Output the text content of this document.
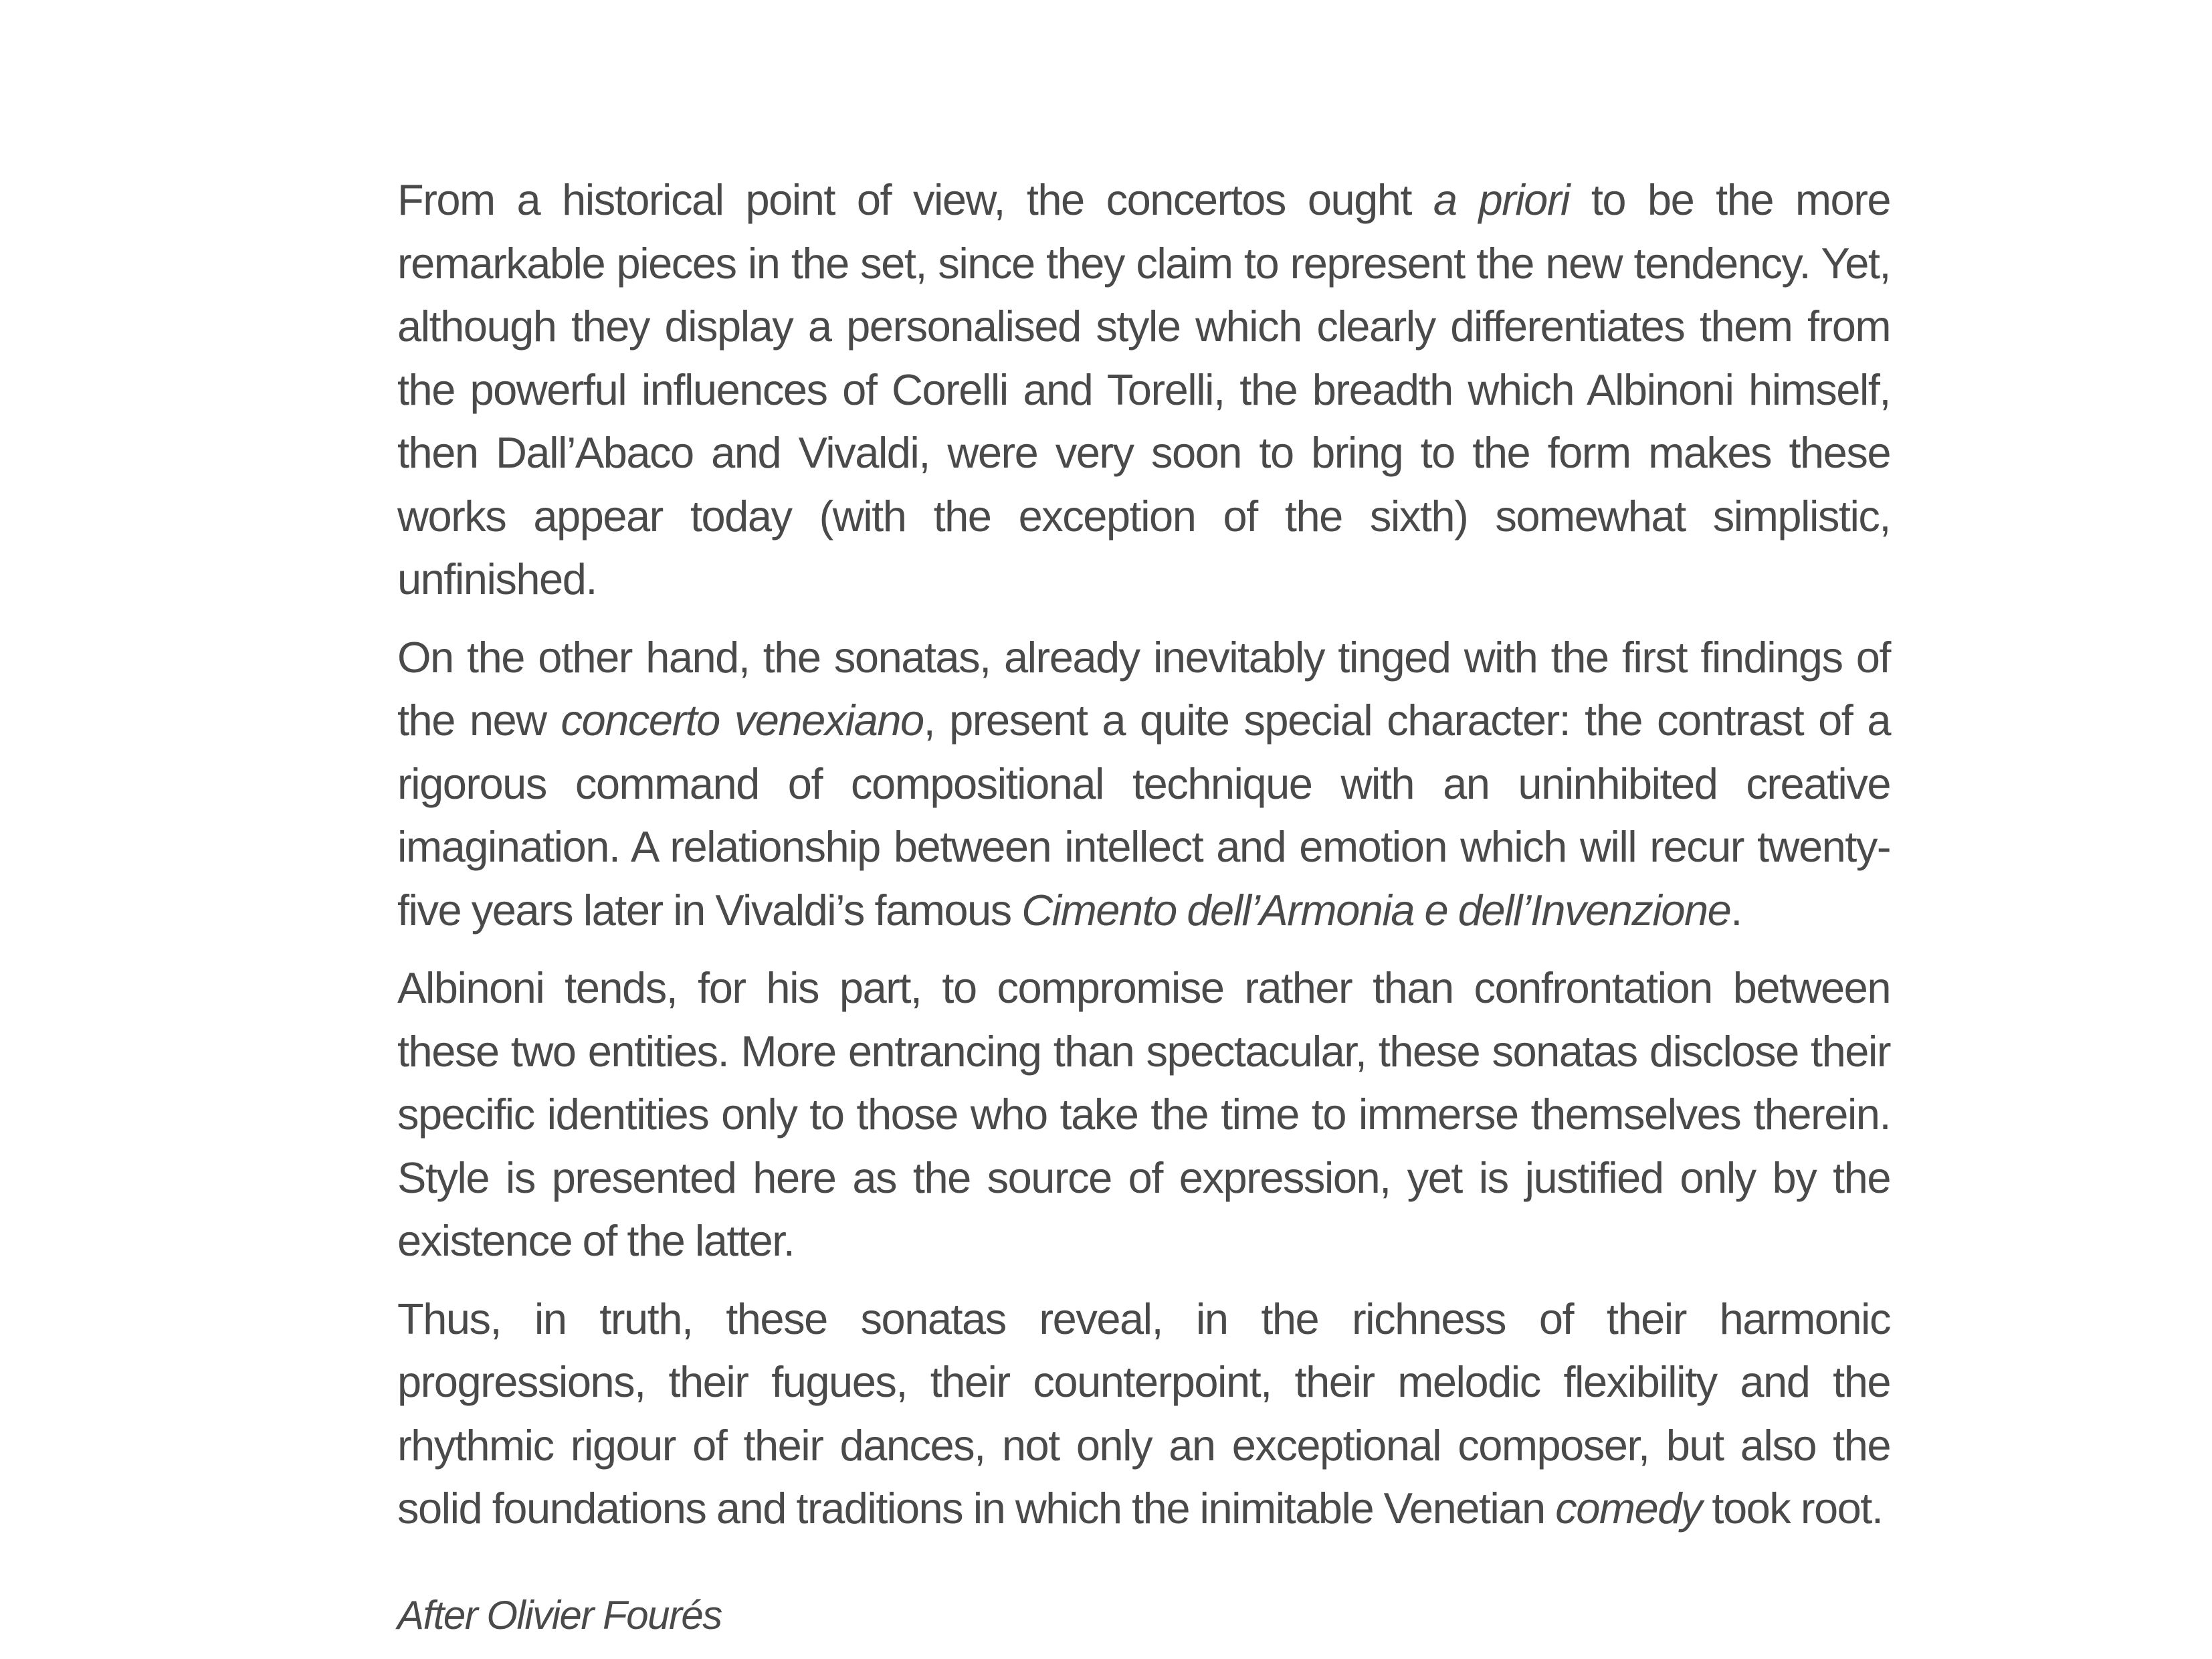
From a historical point of view, the concertos ought a priori to be the more remarkable pieces in the set, since they claim to represent the new tendency. Yet, although they display a personalised style which clearly differentiates them from the powerful influences of Corelli and Torelli, the breadth which Albinoni himself, then Dall’Abaco and Vivaldi, were very soon to bring to the form makes these works appear today (with the exception of the sixth) somewhat simplistic, unfinished.

On the other hand, the sonatas, already inevitably tinged with the first findings of the new concerto venexiano, present a quite special character: the contrast of a rigorous command of compositional technique with an uninhibited creative imagination. A relationship between intellect and emotion which will recur twenty-five years later in Vivaldi’s famous Cimento dell’Armonia e dell’Invenzione.

Albinoni tends, for his part, to compromise rather than confrontation between these two entities. More entrancing than spectacular, these sonatas disclose their specific identities only to those who take the time to immerse themselves therein. Style is presented here as the source of expression, yet is justified only by the existence of the latter.

Thus, in truth, these sonatas reveal, in the richness of their harmonic progressions, their fugues, their counterpoint, their melodic flexibility and the rhythmic rigour of their dances, not only an exceptional composer, but also the solid foundations and traditions in which the inimitable Venetian comedy took root.

After Olivier Fourés
